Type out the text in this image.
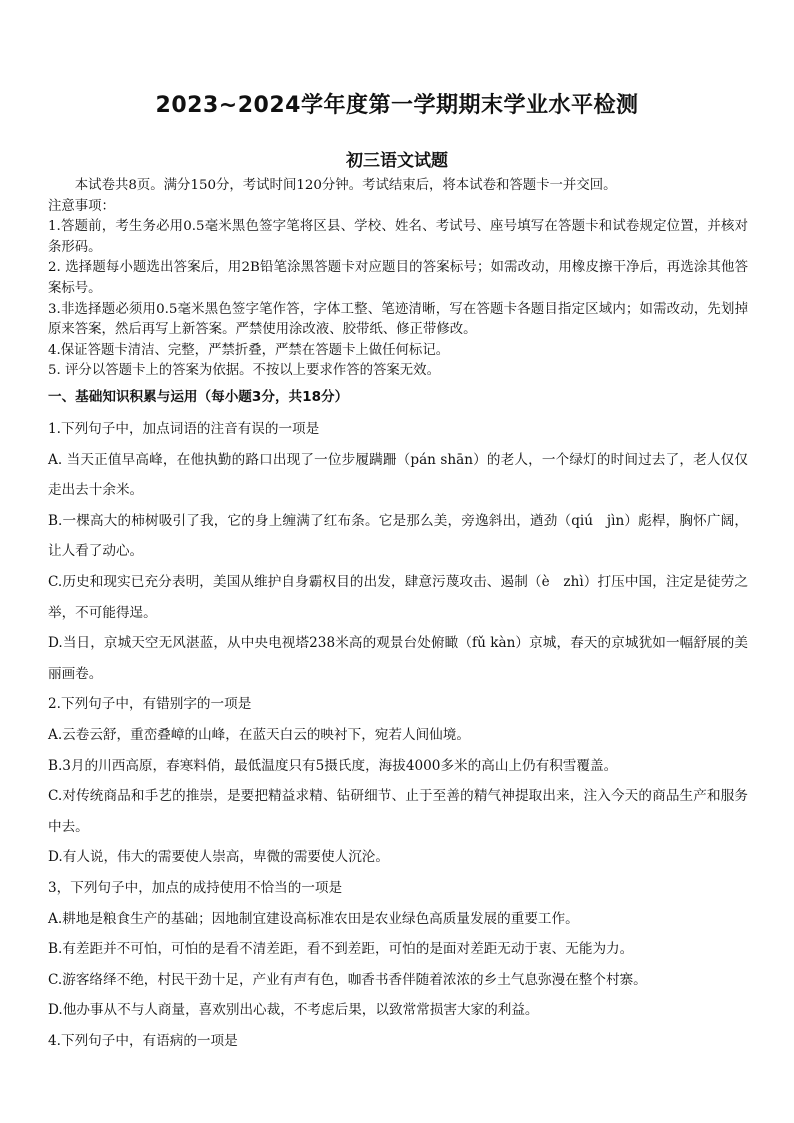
2023~2024学年度第一学期期末学业水平检测
初三语文试题

本试卷共8页。满分150分，考试时间120分钟。考试结束后，将本试卷和答题卡一并交回。

注意事项：

1.答题前，考生务必用0.5毫米黑色签字笔将区县、学校、姓名、考试号、座号填写在答题卡和试卷规定位置，并核对条形码。

2. 选择题每小题选出答案后，用2B铅笔涂黑答题卡对应题目的答案标号；如需改动，用橡皮擦干净后，再选涂其他答案标号。

3.非选择题必须用0.5毫米黑色签字笔作答，字体工整、笔迹清晰，写在答题卡各题目指定区域内；如需改动，先划掉原来答案，然后再写上新答案。严禁使用涂改液、胶带纸、修正带修改。

4.保证答题卡清洁、完整，严禁折叠，严禁在答题卡上做任何标记。

5. 评分以答题卡上的答案为依据。不按以上要求作答的答案无效。

一、基础知识积累与运用（每小题3分，共18分）

1.下列句子中，加点词语的注音有误的一项是

A. 当天正值早高峰，在他执勤的路口出现了一位步履蹒跚（pán shān）的老人，一个绿灯的时间过去了，老人仅仅走出去十余米。

B.一棵高大的柿树吸引了我，它的身上缠满了红布条。它是那么美，旁逸斜出，遒劲（qiú　jìn）彪桿，胸怀广阔，让人看了动心。

C.历史和现实已充分表明，美国从维护自身霸权目的出发，肆意污蔑攻击、遏制（è　zhì）打压中国，注定是徒劳之举，不可能得逞。

D.当日，京城天空无风湛蓝，从中央电视塔238米高的观景台处俯瞰（fǔ kàn）京城，春天的京城犹如一幅舒展的美丽画卷。

2.下列句子中，有错别字的一项是

A.云卷云舒，重峦叠嶂的山峰，在蓝天白云的映衬下，宛若人间仙境。

B.3月的川西高原，春寒料俏，最低温度只有5摄氏度，海拔4000多米的高山上仍有积雪覆盖。

C.对传统商品和手艺的推崇，是要把精益求精、钻研细节、止于至善的精气神提取出来，注入今天的商品生产和服务中去。

D.有人说，伟大的需要使人崇高，卑微的需要使人沉沦。

3，下列句子中，加点的成持使用不恰当的一项是

A.耕地是粮食生产的基础；因地制宜建设高标准农田是农业绿色高质量发展的重要工作。

B.有差距并不可怕，可怕的是看不清差距，看不到差距，可怕的是面对差距无动于衷、无能为力。

C.游客络绎不绝，村民干劲十足，产业有声有色，咖香书香伴随着浓浓的乡土气息弥漫在整个村寨。

D.他办事从不与人商量，喜欢别出心裁，不考虑后果，以致常常损害大家的利益。

4.下列句子中，有语病的一项是
